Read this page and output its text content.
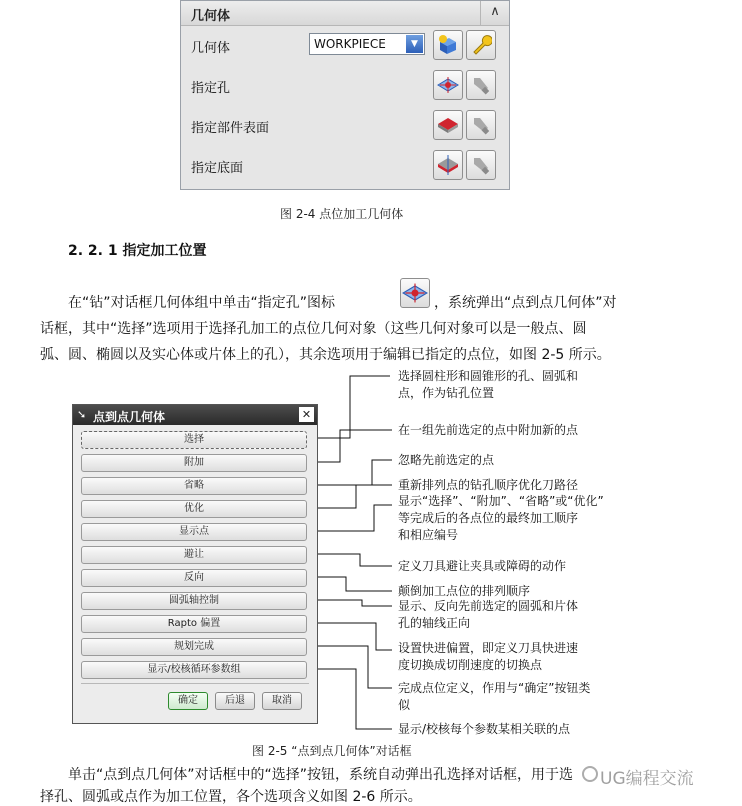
几何体	∧
几何体	WORKPIECE	▼
指定孔
指定部件表面
指定底面
图 2-4 点位加工几何体
2. 2. 1 指定加工位置
在“钻”对话框几何体组中单击“指定孔”图标	，系统弹出“点到点几何体”对
话框，其中“选择”选项用于选择孔加工的点位几何对象（这些几何对象可以是一般点、圆
弧、圆、椭圆以及实心体或片体上的孔），其余选项用于编辑已指定的点位，如图 2-5 所示。
➘ 点到点几何体	✕
选择
附加
省略
优化
显示点
避让
反向
圆弧轴控制
Rapto 偏置
规划完成
显示/校核循环参数组
确定	后退	取消
选择圆柱形和圆锥形的孔、圆弧和
点，作为钻孔位置
在一组先前选定的点中附加新的点
忽略先前选定的点
重新排列点的钻孔顺序优化刀路径
显示“选择”、“附加”、“省略”或“优化”
等完成后的各点位的最终加工顺序
和相应编号
定义刀具避让夹具或障碍的动作
颠倒加工点位的排列顺序
显示、反向先前选定的圆弧和片体
孔的轴线正向
设置快进偏置，即定义刀具快进速
度切换成切削速度的切换点
完成点位定义，作用与“确定”按钮类
似
显示/校核每个参数某相关联的点
图 2-5 “点到点几何体”对话框
单击“点到点几何体”对话框中的“选择”按钮，系统自动弹出孔选择对话框，用于选
择孔、圆弧或点作为加工位置，各个选项含义如图 2-6 所示。
UG编程交流
